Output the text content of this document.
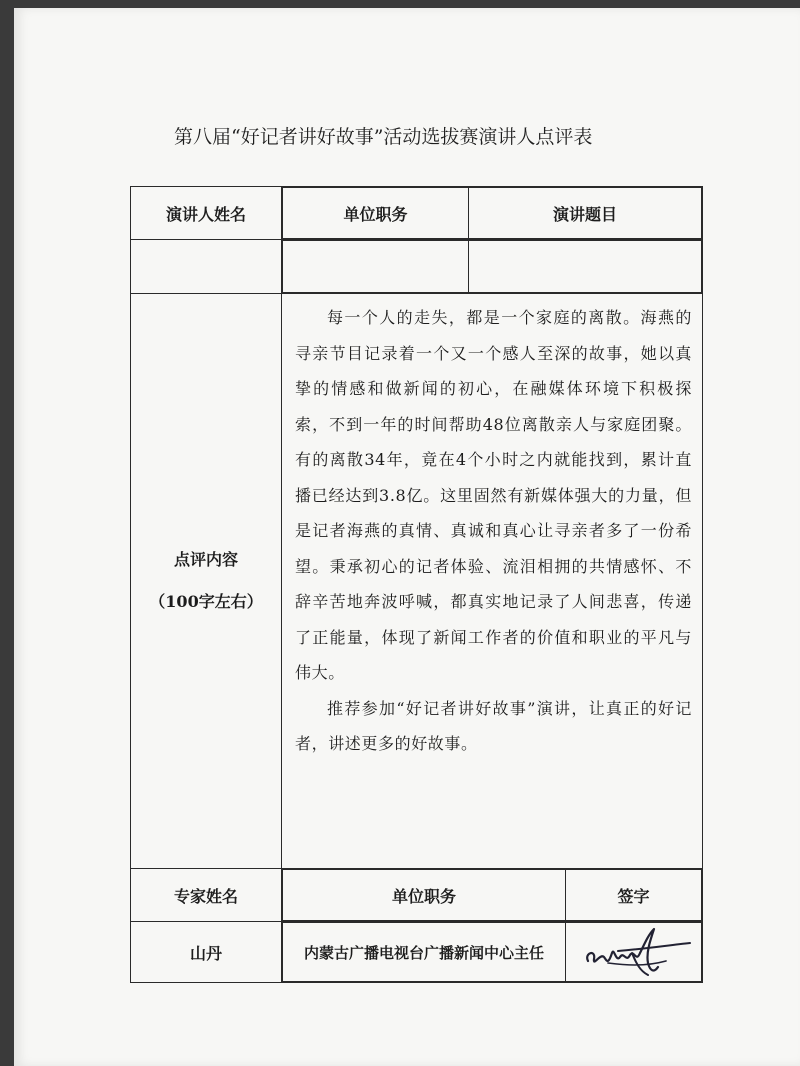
第八届“好记者讲好故事”活动选拔赛演讲人点评表
演讲人姓名		单位职务	演讲题目

点评内容
（100字左右）

每一个人的走失，都是一个家庭的离散。海燕的寻亲节目记录着一个又一个感人至深的故事，她以真挚的情感和做新闻的初心，在融媒体环境下积极探索，不到一年的时间帮助48位离散亲人与家庭团聚。有的离散34年，竟在4个小时之内就能找到，累计直播已经达到3.8亿。这里固然有新媒体强大的力量，但是记者海燕的真情、真诚和真心让寻亲者多了一份希望。秉承初心的记者体验、流泪相拥的共情感怀、不辞辛苦地奔波呼喊，都真实地记录了人间悲喜，传递了正能量，体现了新闻工作者的价值和职业的平凡与伟大。

推荐参加“好记者讲好故事”演讲，让真正的好记者，讲述更多的好故事。

专家姓名		单位职务	签字

山丹		内蒙古广播电视台广播新闻中心主任	
